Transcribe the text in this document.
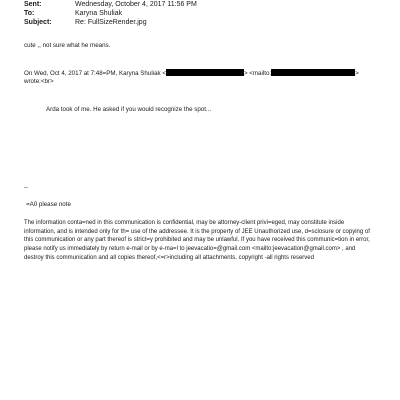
Sent:	Wednesday, October 4, 2017 11:56 PM
To:	Karyna Shuliak
Subject:	Re: FullSizeRender.jpg
cute ,, not sure what he means.
On Wed, Oct 4, 2017 at 7:48=PM, Karyna Shuliak <	> <mailto:	>
wrote:<br>
Arda took of me. He asked if you would recognize the spot...
--
=A0 please note

The information conta=ned in this communication is confidential, may be attorney-client privi=eged, may constitute inside information, and is intended only for th= use of the addressee. It is the property of JEE Unauthorized use, d=sclosure or copying of this communication or any part thereof is strict=y prohibited and may be unlawful. If you have received this communic=tion in error, please notify us immediately by return e-mail or by e-ma=l to jeevacatio=@gmail.com <mailto:jeevacation@gmail.com> , and destroy this communication and all copies thereof,<=r>including all attachments. copyright -all rights reserved
